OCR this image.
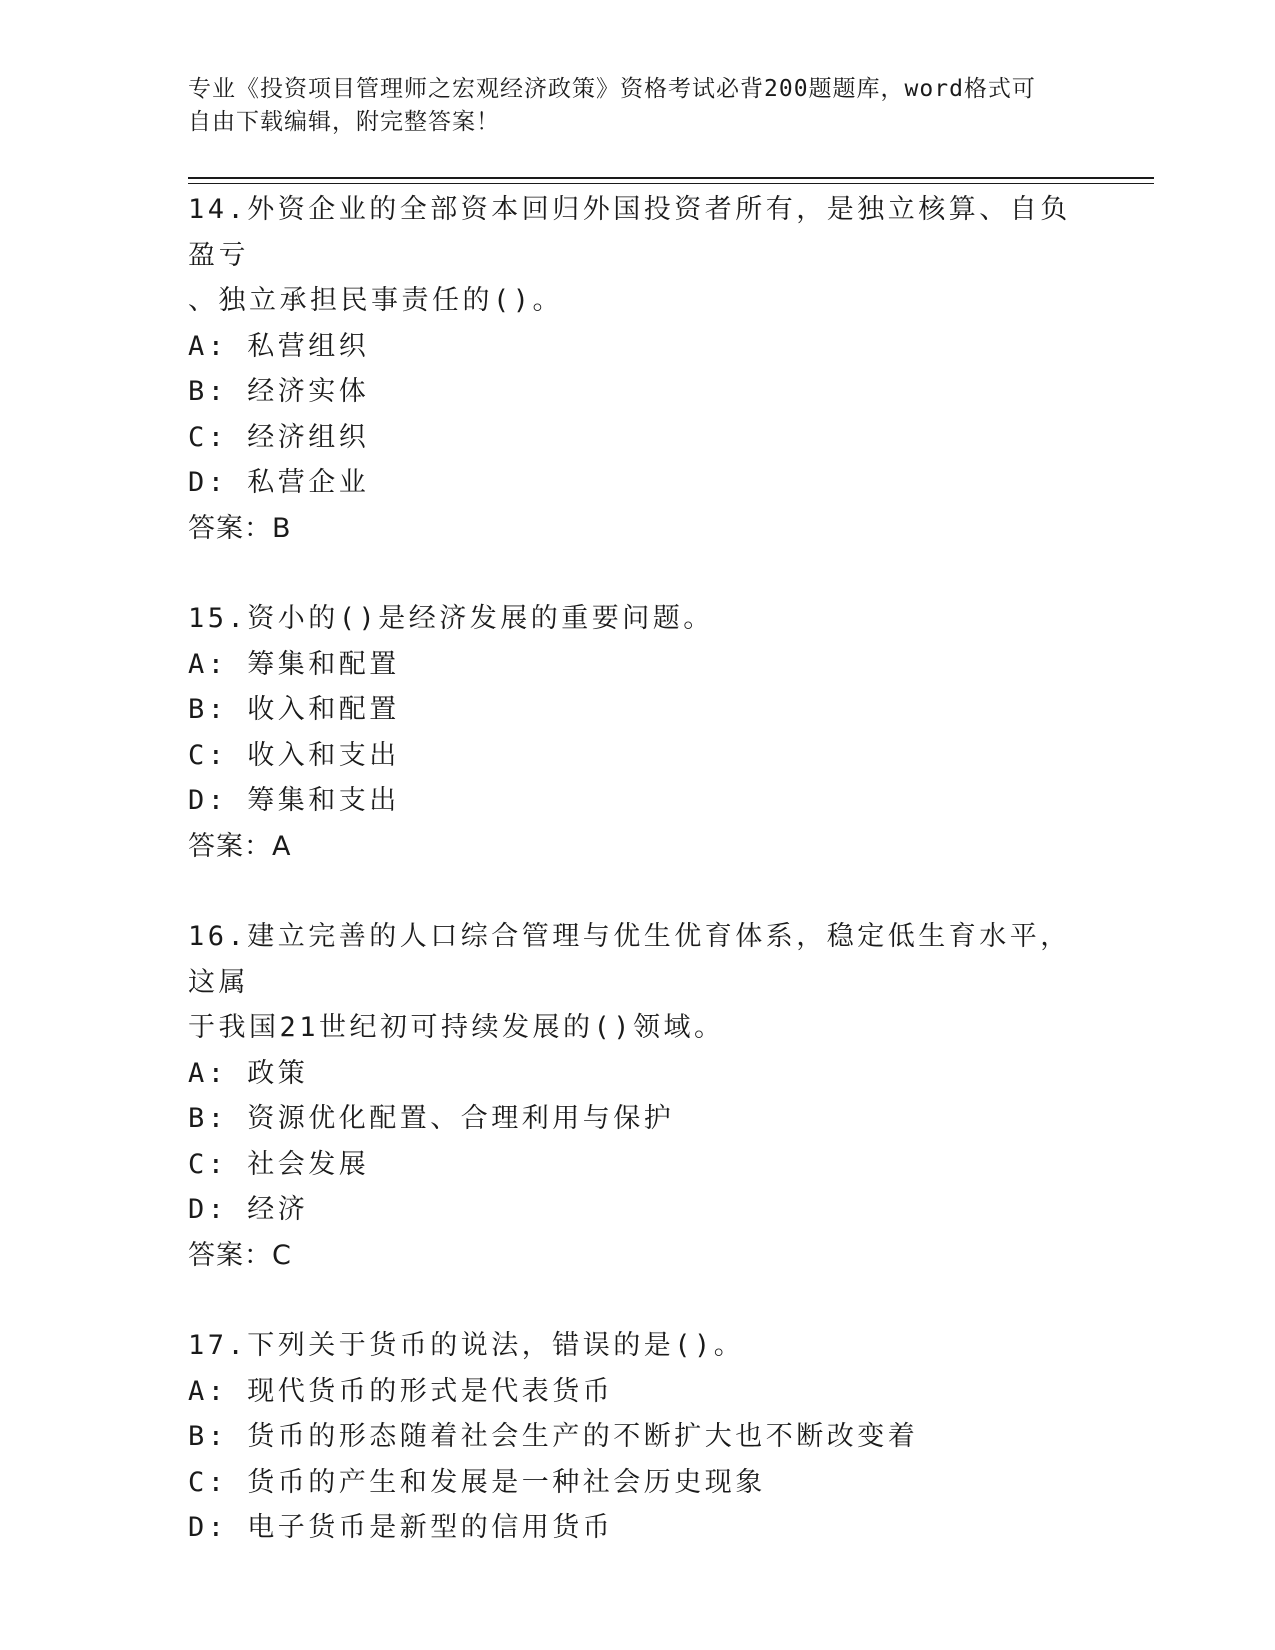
专业《投资项目管理师之宏观经济政策》资格考试必背200题题库，word格式可
自由下载编辑，附完整答案！

14.外资企业的全部资本回归外国投资者所有，是独立核算、自负盈亏

、独立承担民事责任的()。

A: 私营组织

B: 经济实体

C: 经济组织

D: 私营企业

答案：B

15.资小的()是经济发展的重要问题。

A: 筹集和配置

B: 收入和配置

C: 收入和支出

D: 筹集和支出

答案：A

16.建立完善的人口综合管理与优生优育体系，稳定低生育水平，这属

于我国21世纪初可持续发展的()领域。

A: 政策

B: 资源优化配置、合理利用与保护

C: 社会发展

D: 经济

答案：C

17.下列关于货币的说法，错误的是()。

A: 现代货币的形式是代表货币

B: 货币的形态随着社会生产的不断扩大也不断改变着

C: 货币的产生和发展是一种社会历史现象

D: 电子货币是新型的信用货币
